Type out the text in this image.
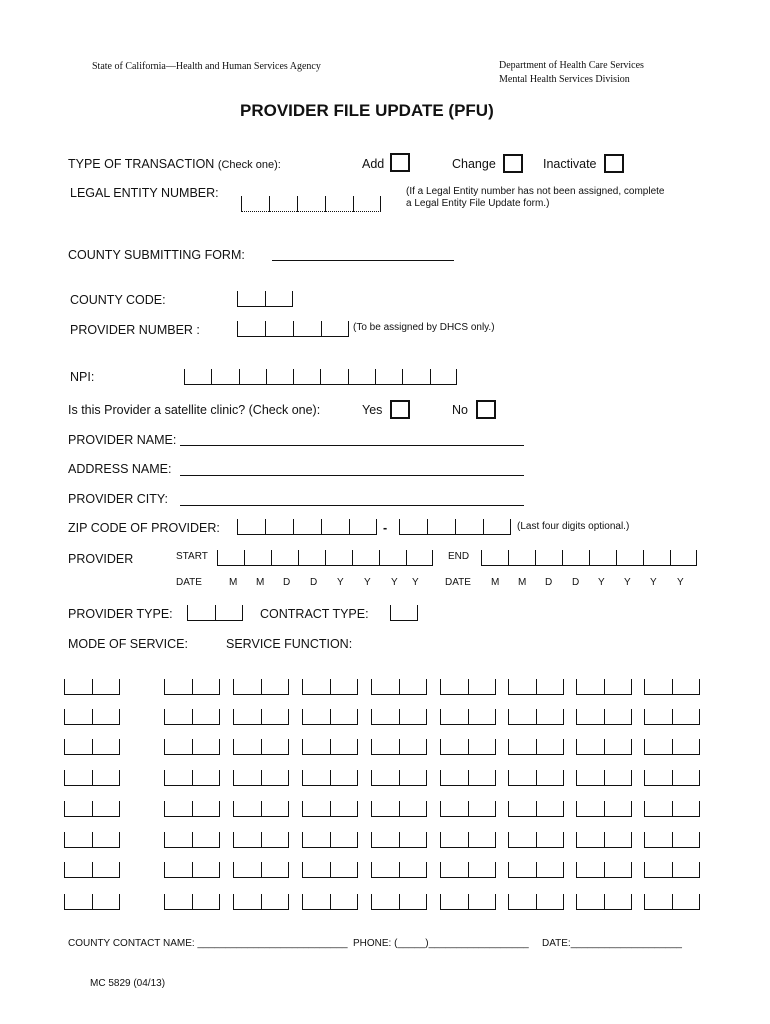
State of California—Health and Human Services Agency	Department of Health Care Services
Mental Health Services Division
PROVIDER FILE UPDATE (PFU)
TYPE OF TRANSACTION (Check one):	Add	Change	Inactivate
LEGAL ENTITY NUMBER:	(If a Legal Entity number has not been assigned, complete
a Legal Entity File Update form.)
COUNTY SUBMITTING FORM:
COUNTY CODE:
PROVIDER NUMBER :	(To be assigned by DHCS only.)
NPI:
Is this Provider a satellite clinic? (Check one):	Yes	No
PROVIDER NAME:
ADDRESS NAME:
PROVIDER CITY:
ZIP CODE OF PROVIDER:	-	(Last four digits optional.)
PROVIDER	START	END
DATE	M M D D Y Y Y Y	DATE M M D D Y Y Y Y
PROVIDER TYPE:	CONTRACT TYPE:
MODE OF SERVICE:	SERVICE FUNCTION:
COUNTY CONTACT NAME: ___________________________ PHONE: (_____)__________________ DATE:____________________
MC 5829 (04/13)
